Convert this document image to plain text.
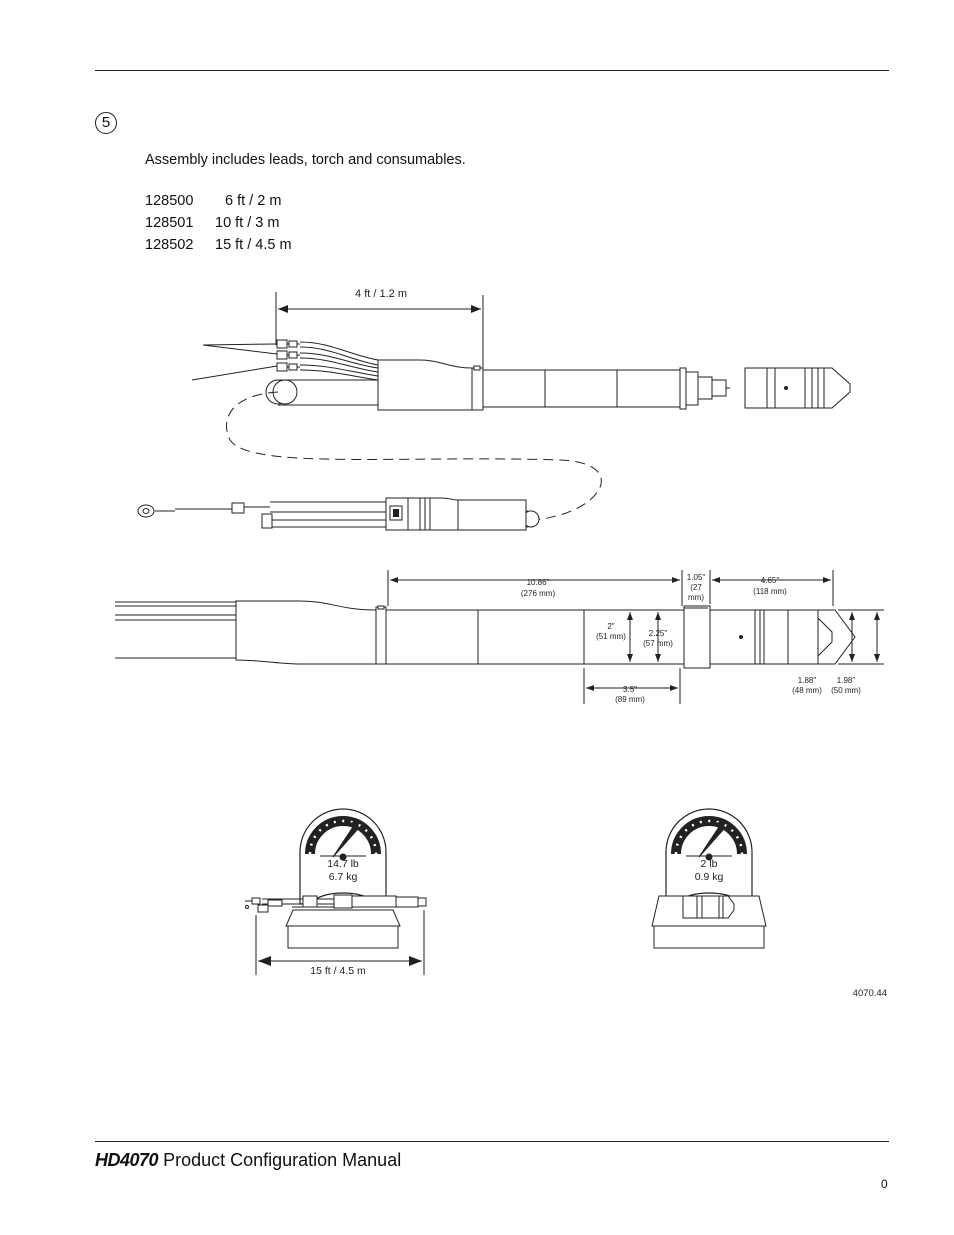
5
Assembly includes leads, torch and consumables.
128500 6 ft / 2 m
128501 10 ft / 3 m
128502 15 ft / 4.5 m
4 ft / 1.2 m
10.86"
(276 mm)
1.05"
(27
mm)
4.65"
(118 mm)
2"
(51 mm)	2.25"
(57 mm)
3.5"
(89 mm)
1.88"
(48 mm)
1.98"
(50 mm)
14.7 lb
6.7 kg
15 ft / 4.5 m
2 lb
0.9 kg
4070.44
HD4070 Product Configuration Manual
0
